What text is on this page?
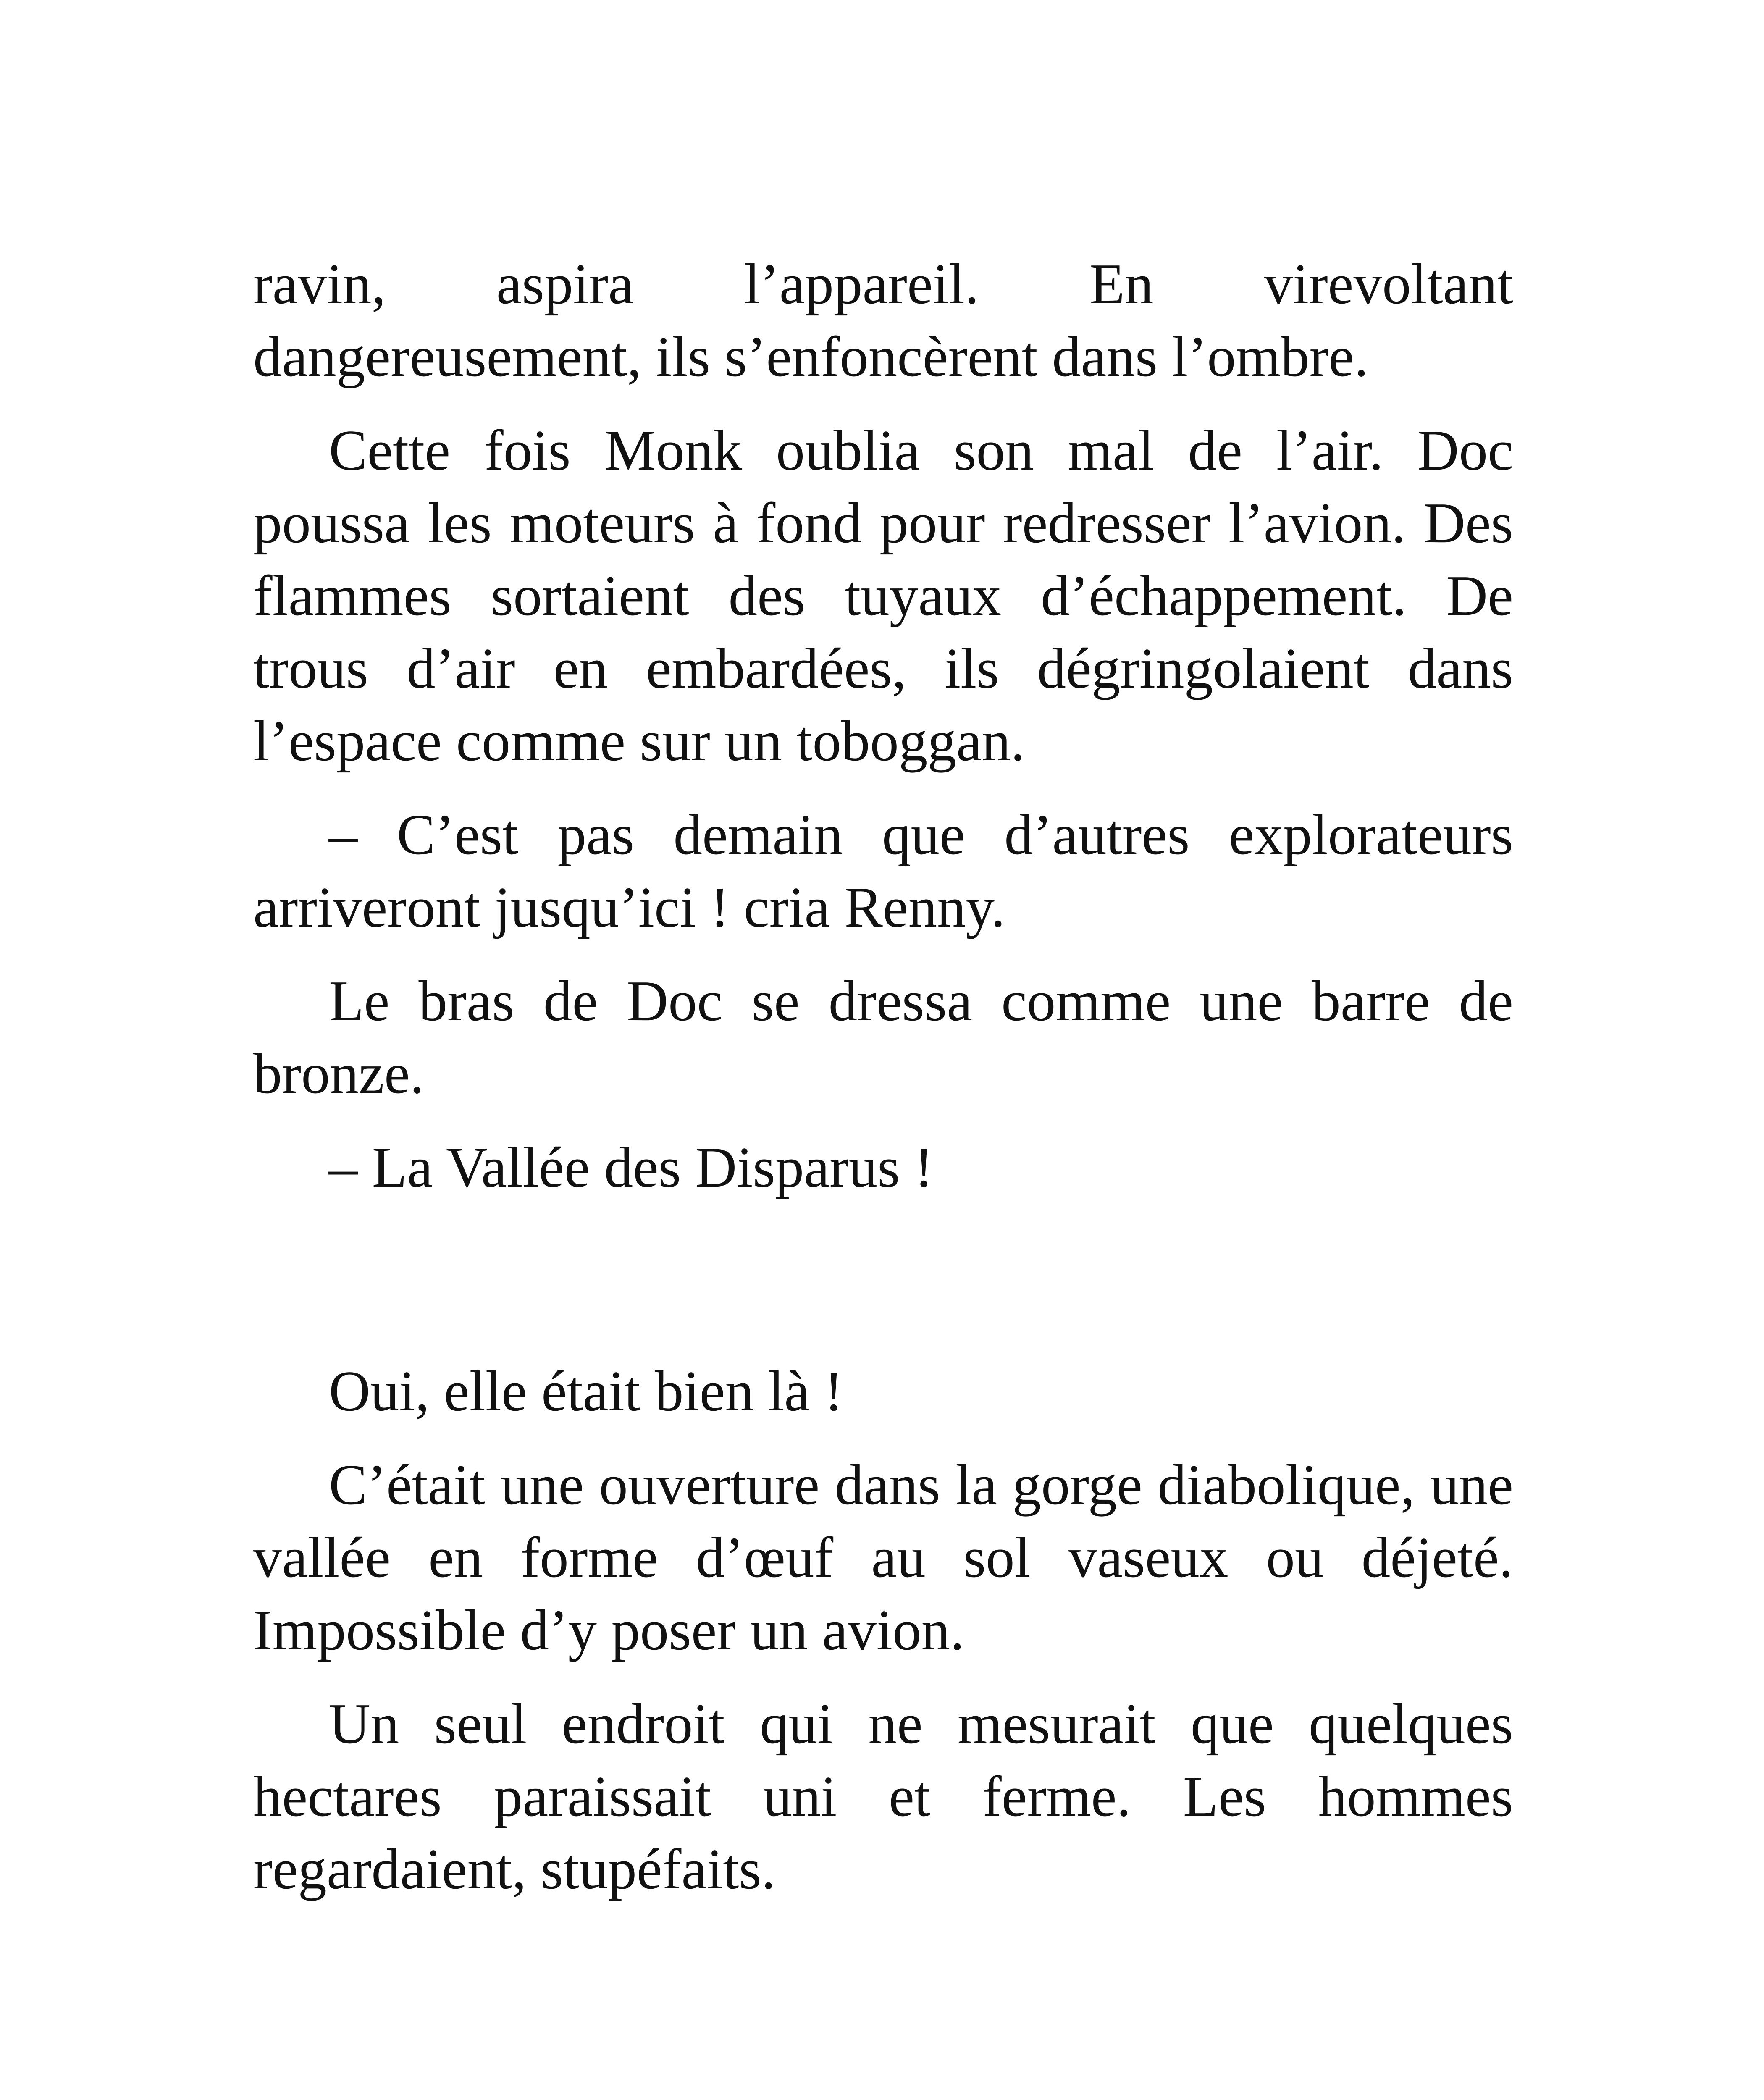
ravin, aspira l’appareil. En virevoltant dangereusement, ils s’enfoncèrent dans l’ombre.

Cette fois Monk oublia son mal de l’air. Doc poussa les moteurs à fond pour redresser l’avion. Des flammes sortaient des tuyaux d’échappement. De trous d’air en embardées, ils dégringolaient dans l’espace comme sur un toboggan.

– C’est pas demain que d’autres explorateurs arriveront jusqu’ici ! cria Renny.

Le bras de Doc se dressa comme une barre de bronze.

– La Vallée des Disparus !

Oui, elle était bien là !

C’était une ouverture dans la gorge diabolique, une vallée en forme d’œuf au sol vaseux ou déjeté. Impossible d’y poser un avion.

Un seul endroit qui ne mesurait que quelques hectares paraissait uni et ferme. Les hommes regardaient, stupéfaits.
